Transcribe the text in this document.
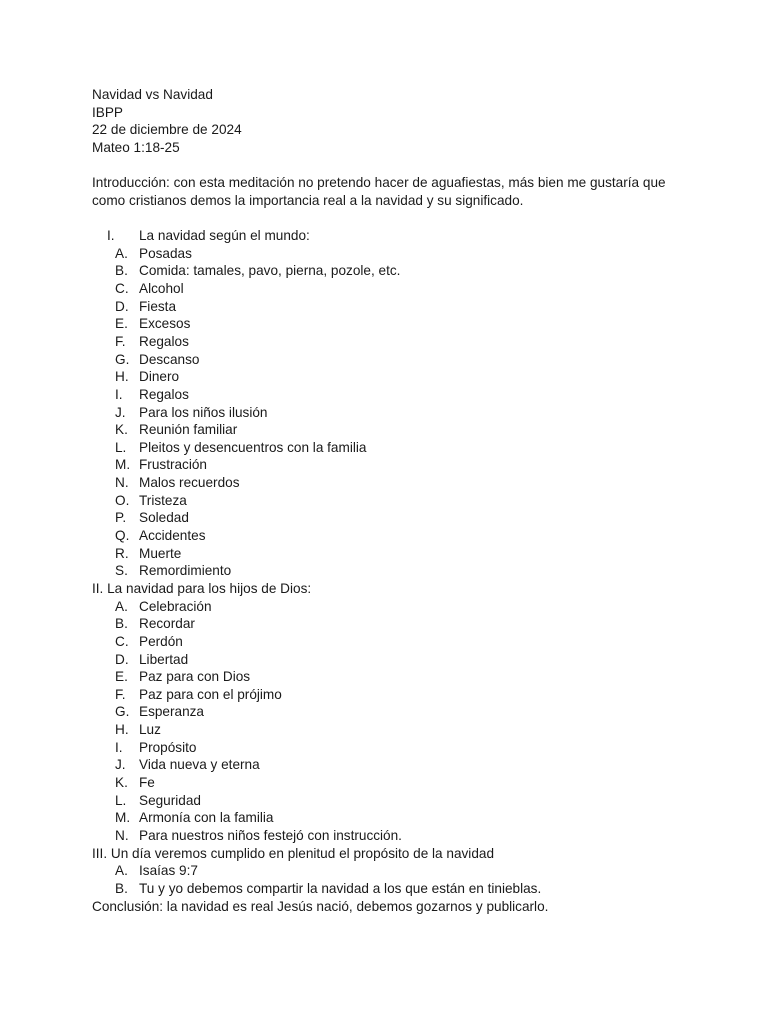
Navidad vs Navidad
IBPP
22 de diciembre de 2024
Mateo 1:18-25
Introducción: con esta meditación no pretendo hacer de aguafiestas, más bien me gustaría que como cristianos demos la importancia real a la navidad y su significado.
I.	La navidad según el mundo:
A. Posadas
B. Comida: tamales, pavo, pierna, pozole, etc.
C. Alcohol
D. Fiesta
E. Excesos
F. Regalos
G. Descanso
H. Dinero
I.	Regalos
J. Para los niños ilusión
K. Reunión familiar
L. Pleitos y desencuentros con la familia
M. Frustración
N. Malos recuerdos
O. Tristeza
P. Soledad
Q. Accidentes
R. Muerte
S. Remordimiento
II. La navidad para los hijos de Dios:
A. Celebración
B. Recordar
C. Perdón
D. Libertad
E. Paz para con Dios
F. Paz para con el prójimo
G. Esperanza
H. Luz
I.	Propósito
J. Vida nueva y eterna
K. Fe
L. Seguridad
M. Armonía con la familia
N. Para nuestros niños festejó con instrucción.
III. Un día veremos cumplido en plenitud el propósito de la navidad
A. Isaías 9:7
B. Tu y yo debemos compartir la navidad a los que están en tinieblas.
Conclusión: la navidad es real Jesús nació, debemos gozarnos y publicarlo.
